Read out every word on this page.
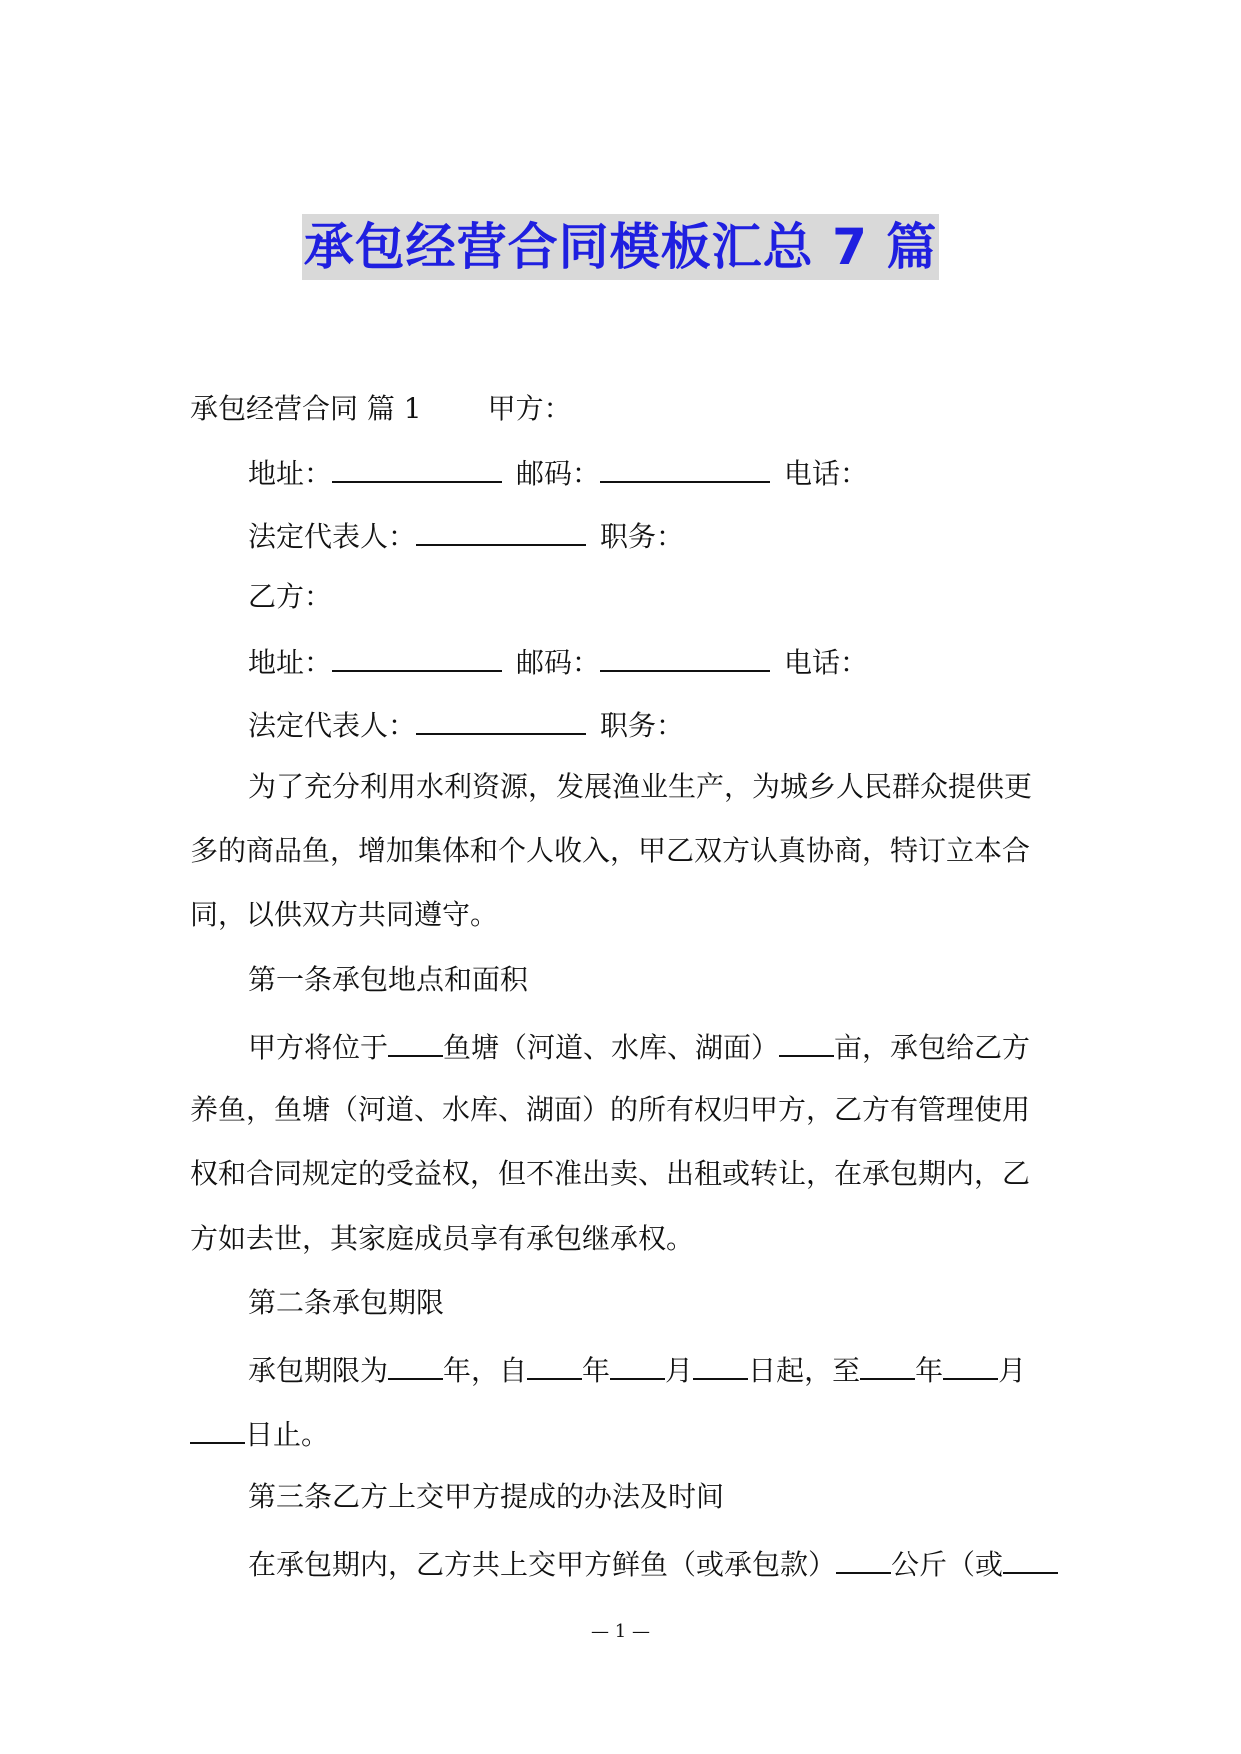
承包经营合同模板汇总 7 篇
承包经营合同 篇 1 甲方：
地址：	邮码：	电话：
法定代表人：	职务：
乙方：
地址：	邮码：	电话：
法定代表人：	职务：
为了充分利用水利资源，发展渔业生产，为城乡人民群众提供更
多的商品鱼，增加集体和个人收入，甲乙双方认真协商，特订立本合
同，以供双方共同遵守。
第一条承包地点和面积
甲方将位于 鱼塘（河道、水库、湖面） 亩，承包给乙方
养鱼，鱼塘（河道、水库、湖面）的所有权归甲方，乙方有管理使用
权和合同规定的受益权，但不准出卖、出租或转让，在承包期内，乙
方如去世，其家庭成员享有承包继承权。
第二条承包期限
承包期限为 年，自 年 月 日起，至 年 月
日止。
第三条乙方上交甲方提成的办法及时间
在承包期内，乙方共上交甲方鲜鱼（或承包款） 公斤（或
— 1 —
